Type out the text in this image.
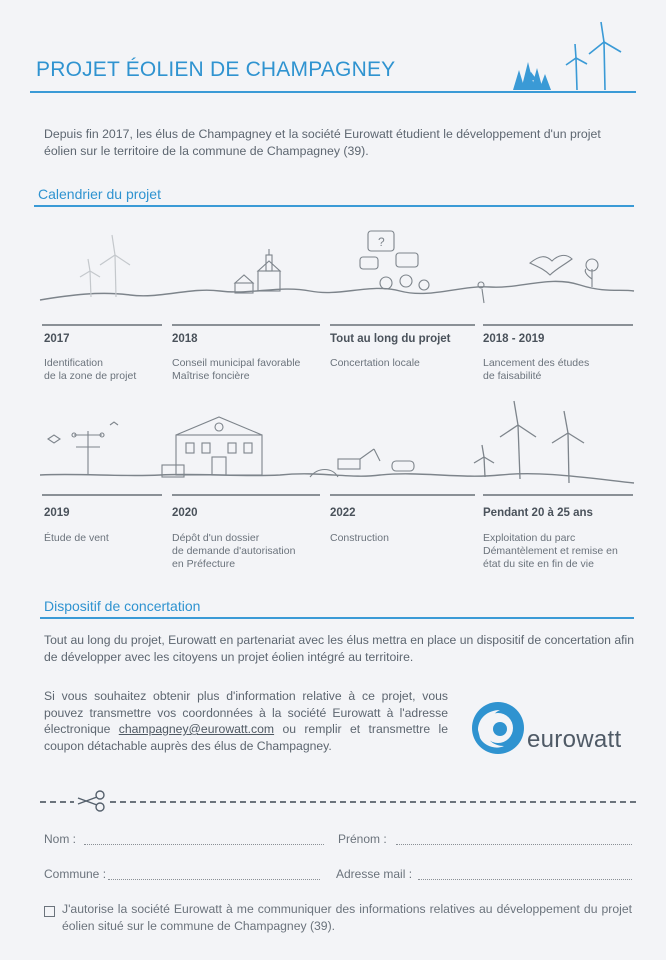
PROJET ÉOLIEN DE CHAMPAGNEY
Depuis fin 2017, les élus de Champagney et la société Eurowatt étudient le développement d'un projet éolien sur le territoire de la commune de Champagney (39).
Calendrier du projet
?
2017
Identification
de la zone de projet
2018
Conseil municipal favorable
Maîtrise foncière
Tout au long du projet
Concertation locale
2018 - 2019
Lancement des études
de faisabilité
2019
Étude de vent
2020
Dépôt d'un dossier
de demande d'autorisation
en Préfecture
2022
Construction
Pendant 20 à 25 ans
Exploitation du parc
Démantèlement et remise en
état du site en fin de vie
Dispositif de concertation
Tout au long du projet, Eurowatt en partenariat avec les élus mettra en place un dispositif de concertation afin de développer avec les citoyens un projet éolien intégré au territoire.
Si vous souhaitez obtenir plus d'information relative à ce projet, vous pouvez transmettre vos coordonnées à la société Eurowatt à l'adresse électronique champagney@eurowatt.com ou remplir et transmettre le coupon détachable auprès des élus de Champagney.	eurowatt
Nom :	Prénom :
Commune :	Adresse mail :
J'autorise la société Eurowatt à me communiquer des informations relatives au développement du projet éolien situé sur le commune de Champagney (39).
